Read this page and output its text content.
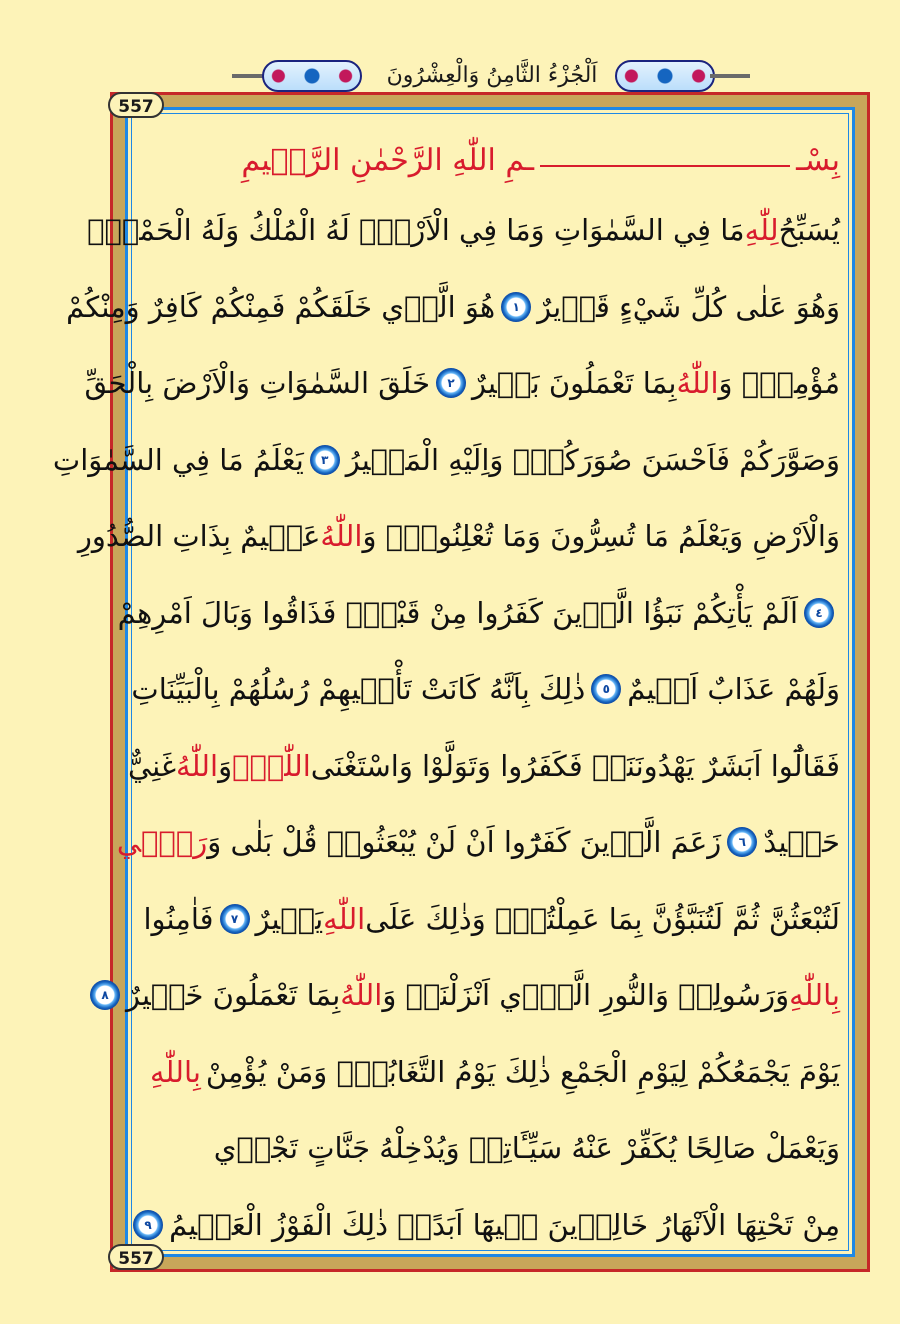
اَلْجُزْءُ الثَّامِنُ وَالْعِشْرُونَ
557
557
بِسْـ
ـمِ اللّٰهِ الرَّحْمٰنِ الرَّح۪يمِ
يُسَبِّحُ
لِلّٰهِ
مَا فِي السَّمٰوَاتِ وَمَا فِي الْاَرْضِۚ لَهُ الْمُلْكُ وَلَهُ الْحَمْدُۘ
وَهُوَ عَلٰى كُلِّ شَيْءٍ قَد۪يرٌ
١
هُوَ الَّذ۪ي خَلَقَكُمْ فَمِنْكُمْ كَافِرٌ وَمِنْكُمْ
مُؤْمِنٌۜ وَ
اللّٰهُ
بِمَا تَعْمَلُونَ بَص۪يرٌ
٢
خَلَقَ السَّمٰوَاتِ وَالْاَرْضَ بِالْحَقِّ
وَصَوَّرَكُمْ فَاَحْسَنَ صُوَرَكُمْۚ وَاِلَيْهِ الْمَص۪يرُ
٣
يَعْلَمُ مَا فِي السَّمٰوَاتِ
وَالْاَرْضِ وَيَعْلَمُ مَا تُسِرُّونَ وَمَا تُعْلِنُونَۜ وَ
اللّٰهُ
عَل۪يمٌ بِذَاتِ الصُّدُورِ
٤
اَلَمْ يَأْتِكُمْ نَبَؤُا الَّذ۪ينَ كَفَرُوا مِنْ قَبْلُۘ فَذَاقُوا وَبَالَ اَمْرِهِمْ
وَلَهُمْ عَذَابٌ اَل۪يمٌ
٥
ذٰلِكَ بِاَنَّهُ كَانَتْ تَأْت۪يهِمْ رُسُلُهُمْ بِالْبَيِّنَاتِ
فَقَالُٓوا اَبَشَرٌ يَهْدُونَنَاۘ فَكَفَرُوا وَتَوَلَّوْا وَاسْتَغْنَى
اللّٰهُۜ
وَ
اللّٰهُ
غَنِيٌّ
حَم۪يدٌ
٦
زَعَمَ الَّذ۪ينَ كَفَرُٓوا اَنْ لَنْ يُبْعَثُواۜ قُلْ بَلٰى وَ
رَبّ۪ي
لَتُبْعَثُنَّ ثُمَّ لَتُنَبَّؤُنَّ بِمَا عَمِلْتُمْۜ وَذٰلِكَ عَلَى
اللّٰهِ
يَس۪يرٌ
٧
فَاٰمِنُوا
بِاللّٰهِ
وَرَسُولِه۪ وَالنُّورِ الَّذ۪ٓي اَنْزَلْنَاۜ وَ
اللّٰهُ
بِمَا تَعْمَلُونَ خَب۪يرٌ
٨
يَوْمَ يَجْمَعُكُمْ لِيَوْمِ الْجَمْعِ ذٰلِكَ يَوْمُ التَّغَابُنِۜ وَمَنْ يُؤْمِنْ
بِاللّٰهِ
وَيَعْمَلْ صَالِحًا يُكَفِّرْ عَنْهُ سَيِّـَٔاتِه۪ وَيُدْخِلْهُ جَنَّاتٍ تَجْر۪ي
مِنْ تَحْتِهَا الْاَنْهَارُ خَالِد۪ينَ ف۪يهَٓا اَبَدًاۜ ذٰلِكَ الْفَوْزُ الْعَظ۪يمُ
٩
